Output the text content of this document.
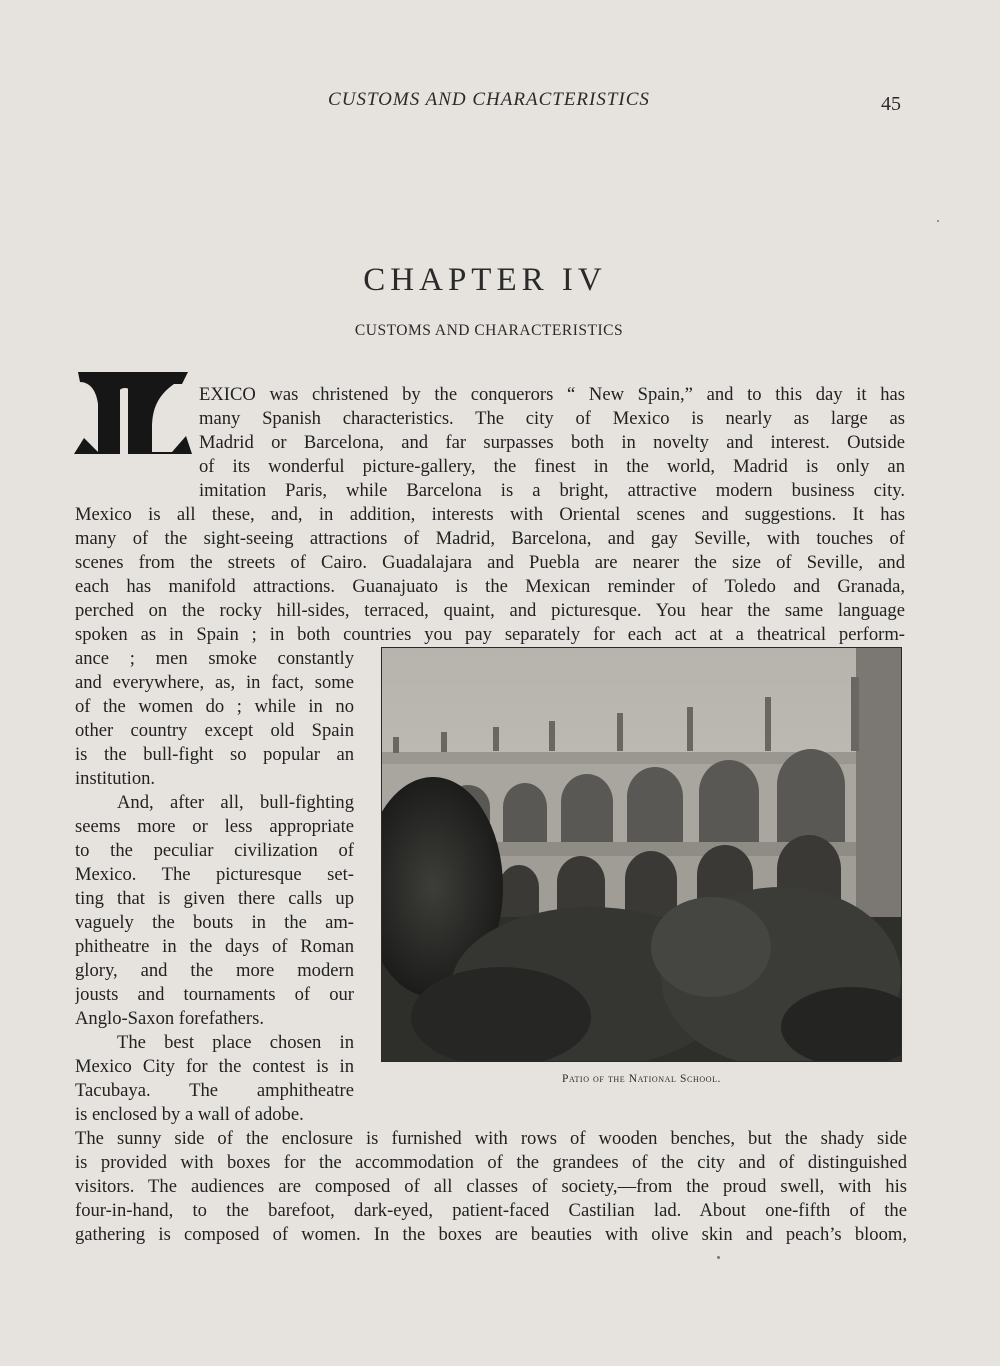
CUSTOMS AND CHARACTERISTICS	45
CHAPTER IV
CUSTOMS AND CHARACTERISTICS
EXICO was christened by the conquerors “ New Spain,” and to this day it has
many Spanish characteristics. The city of Mexico is nearly as large as
Madrid or Barcelona, and far surpasses both in novelty and interest. Outside
of its wonderful picture-gallery, the finest in the world, Madrid is only an
imitation Paris, while Barcelona is a bright, attractive modern business city.
Mexico is all these, and, in addition, interests with Oriental scenes and suggestions. It has
many of the sight-seeing attractions of Madrid, Barcelona, and gay Seville, with touches of
scenes from the streets of Cairo. Guadalajara and Puebla are nearer the size of Seville, and
each has manifold attractions. Guanajuato is the Mexican reminder of Toledo and Granada,
perched on the rocky hill-sides, terraced, quaint, and picturesque. You hear the same language
spoken as in Spain ; in both countries you pay separately for each act at a theatrical perform-
ance ; men smoke constantly
and everywhere, as, in fact, some
of the women do ; while in no
other country except old Spain
is the bull-fight so popular an
institution.
And, after all, bull-fighting
seems more or less appropriate
to the peculiar civilization of
Mexico. The picturesque set-
ting that is given there calls up
vaguely the bouts in the am-
phitheatre in the days of Roman
glory, and the more modern
jousts and tournaments of our
Anglo-Saxon forefathers.
The best place chosen in
Mexico City for the contest is in
Tacubaya. The amphitheatre
is enclosed by a wall of adobe.
The sunny side of the enclosure is furnished with rows of wooden benches, but the shady side
is provided with boxes for the accommodation of the grandees of the city and of distinguished
visitors. The audiences are composed of all classes of society,—from the proud swell, with his
four-in-hand, to the barefoot, dark-eyed, patient-faced Castilian lad. About one-fifth of the
gathering is composed of women. In the boxes are beauties with olive skin and peach’s bloom,
Patio of the National School.
